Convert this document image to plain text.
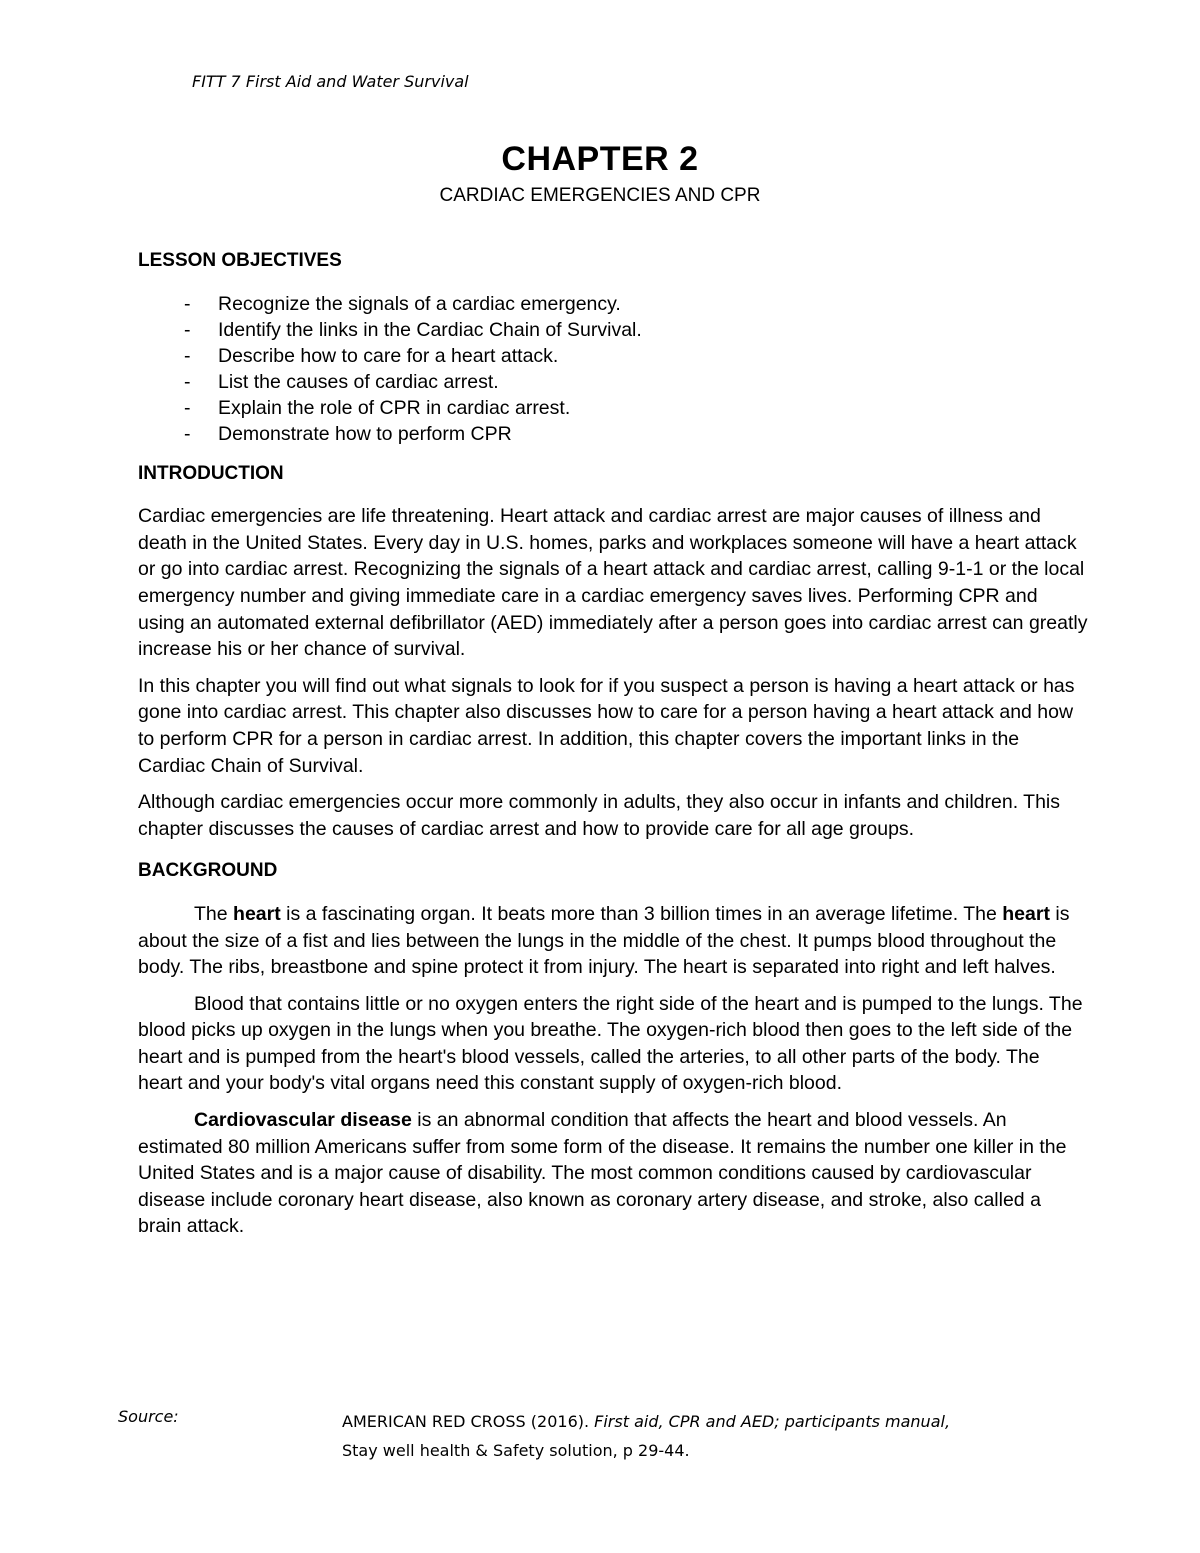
FITT 7 First Aid and Water Survival
CHAPTER 2
CARDIAC EMERGENCIES AND CPR
LESSON OBJECTIVES
- Recognize the signals of a cardiac emergency.
- Identify the links in the Cardiac Chain of Survival.
- Describe how to care for a heart attack.
- List the causes of cardiac arrest.
- Explain the role of CPR in cardiac arrest.
- Demonstrate how to perform CPR
INTRODUCTION

Cardiac emergencies are life threatening. Heart attack and cardiac arrest are major causes of illness and death in the United States. Every day in U.S. homes, parks and workplaces someone will have a heart attack or go into cardiac arrest. Recognizing the signals of a heart attack and cardiac arrest, calling 9-1-1 or the local emergency number and giving immediate care in a cardiac emergency saves lives. Performing CPR and using an automated external defibrillator (AED) immediately after a person goes into cardiac arrest can greatly increase his or her chance of survival.

In this chapter you will find out what signals to look for if you suspect a person is having a heart attack or has gone into cardiac arrest. This chapter also discusses how to care for a person having a heart attack and how to perform CPR for a person in cardiac arrest. In addition, this chapter covers the important links in the Cardiac Chain of Survival.

Although cardiac emergencies occur more commonly in adults, they also occur in infants and children. This chapter discusses the causes of cardiac arrest and how to provide care for all age groups.

BACKGROUND

The heart is a fascinating organ. It beats more than 3 billion times in an average lifetime. The heart is about the size of a fist and lies between the lungs in the middle of the chest. It pumps blood throughout the body. The ribs, breastbone and spine protect it from injury. The heart is separated into right and left halves.

Blood that contains little or no oxygen enters the right side of the heart and is pumped to the lungs. The blood picks up oxygen in the lungs when you breathe. The oxygen-rich blood then goes to the left side of the heart and is pumped from the heart's blood vessels, called the arteries, to all other parts of the body. The heart and your body's vital organs need this constant supply of oxygen-rich blood.

Cardiovascular disease is an abnormal condition that affects the heart and blood vessels. An estimated 80 million Americans suffer from some form of the disease. It remains the number one killer in the United States and is a major cause of disability. The most common conditions caused by cardiovascular disease include coronary heart disease, also known as coronary artery disease, and stroke, also called a brain attack.

Source:	AMERICAN RED CROSS (2016). First aid, CPR and AED; participants manual,
Stay well health & Safety solution, p 29-44.
